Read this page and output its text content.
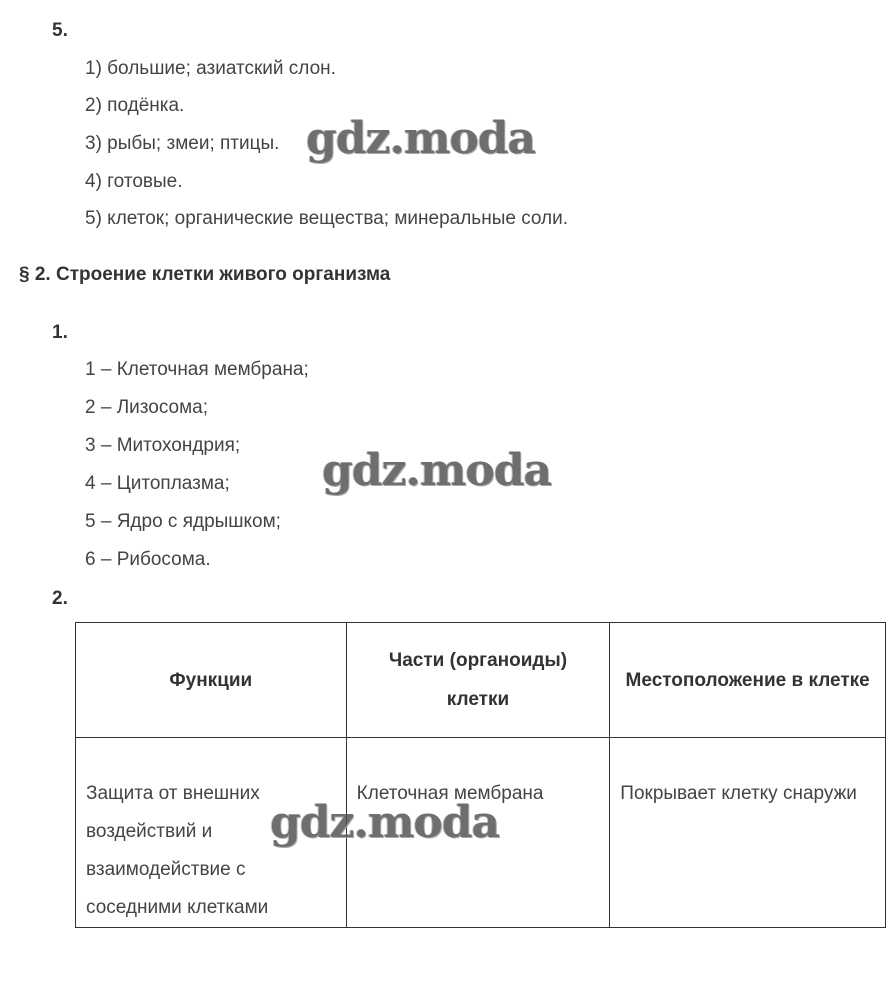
5.
1) большие; азиатский слон.
2) подёнка.
3) рыбы; змеи; птицы.
4) готовые.
5) клеток; органические вещества; минеральные соли.
§ 2. Строение клетки живого организма
1.
1 – Клеточная мембрана;
2 – Лизосома;
3 – Митохондрия;
4 – Цитоплазма;
5 – Ядро с ядрышком;
6 – Рибосома.
2.
Функции	Части (органоиды) клетки	Местоположение в клетке
Защита от внешних воздействий и взаимодействие с соседними клетками	Клеточная мембрана	Покрывает клетку снаружи
gdz.moda
gdz.moda
gdz.moda
